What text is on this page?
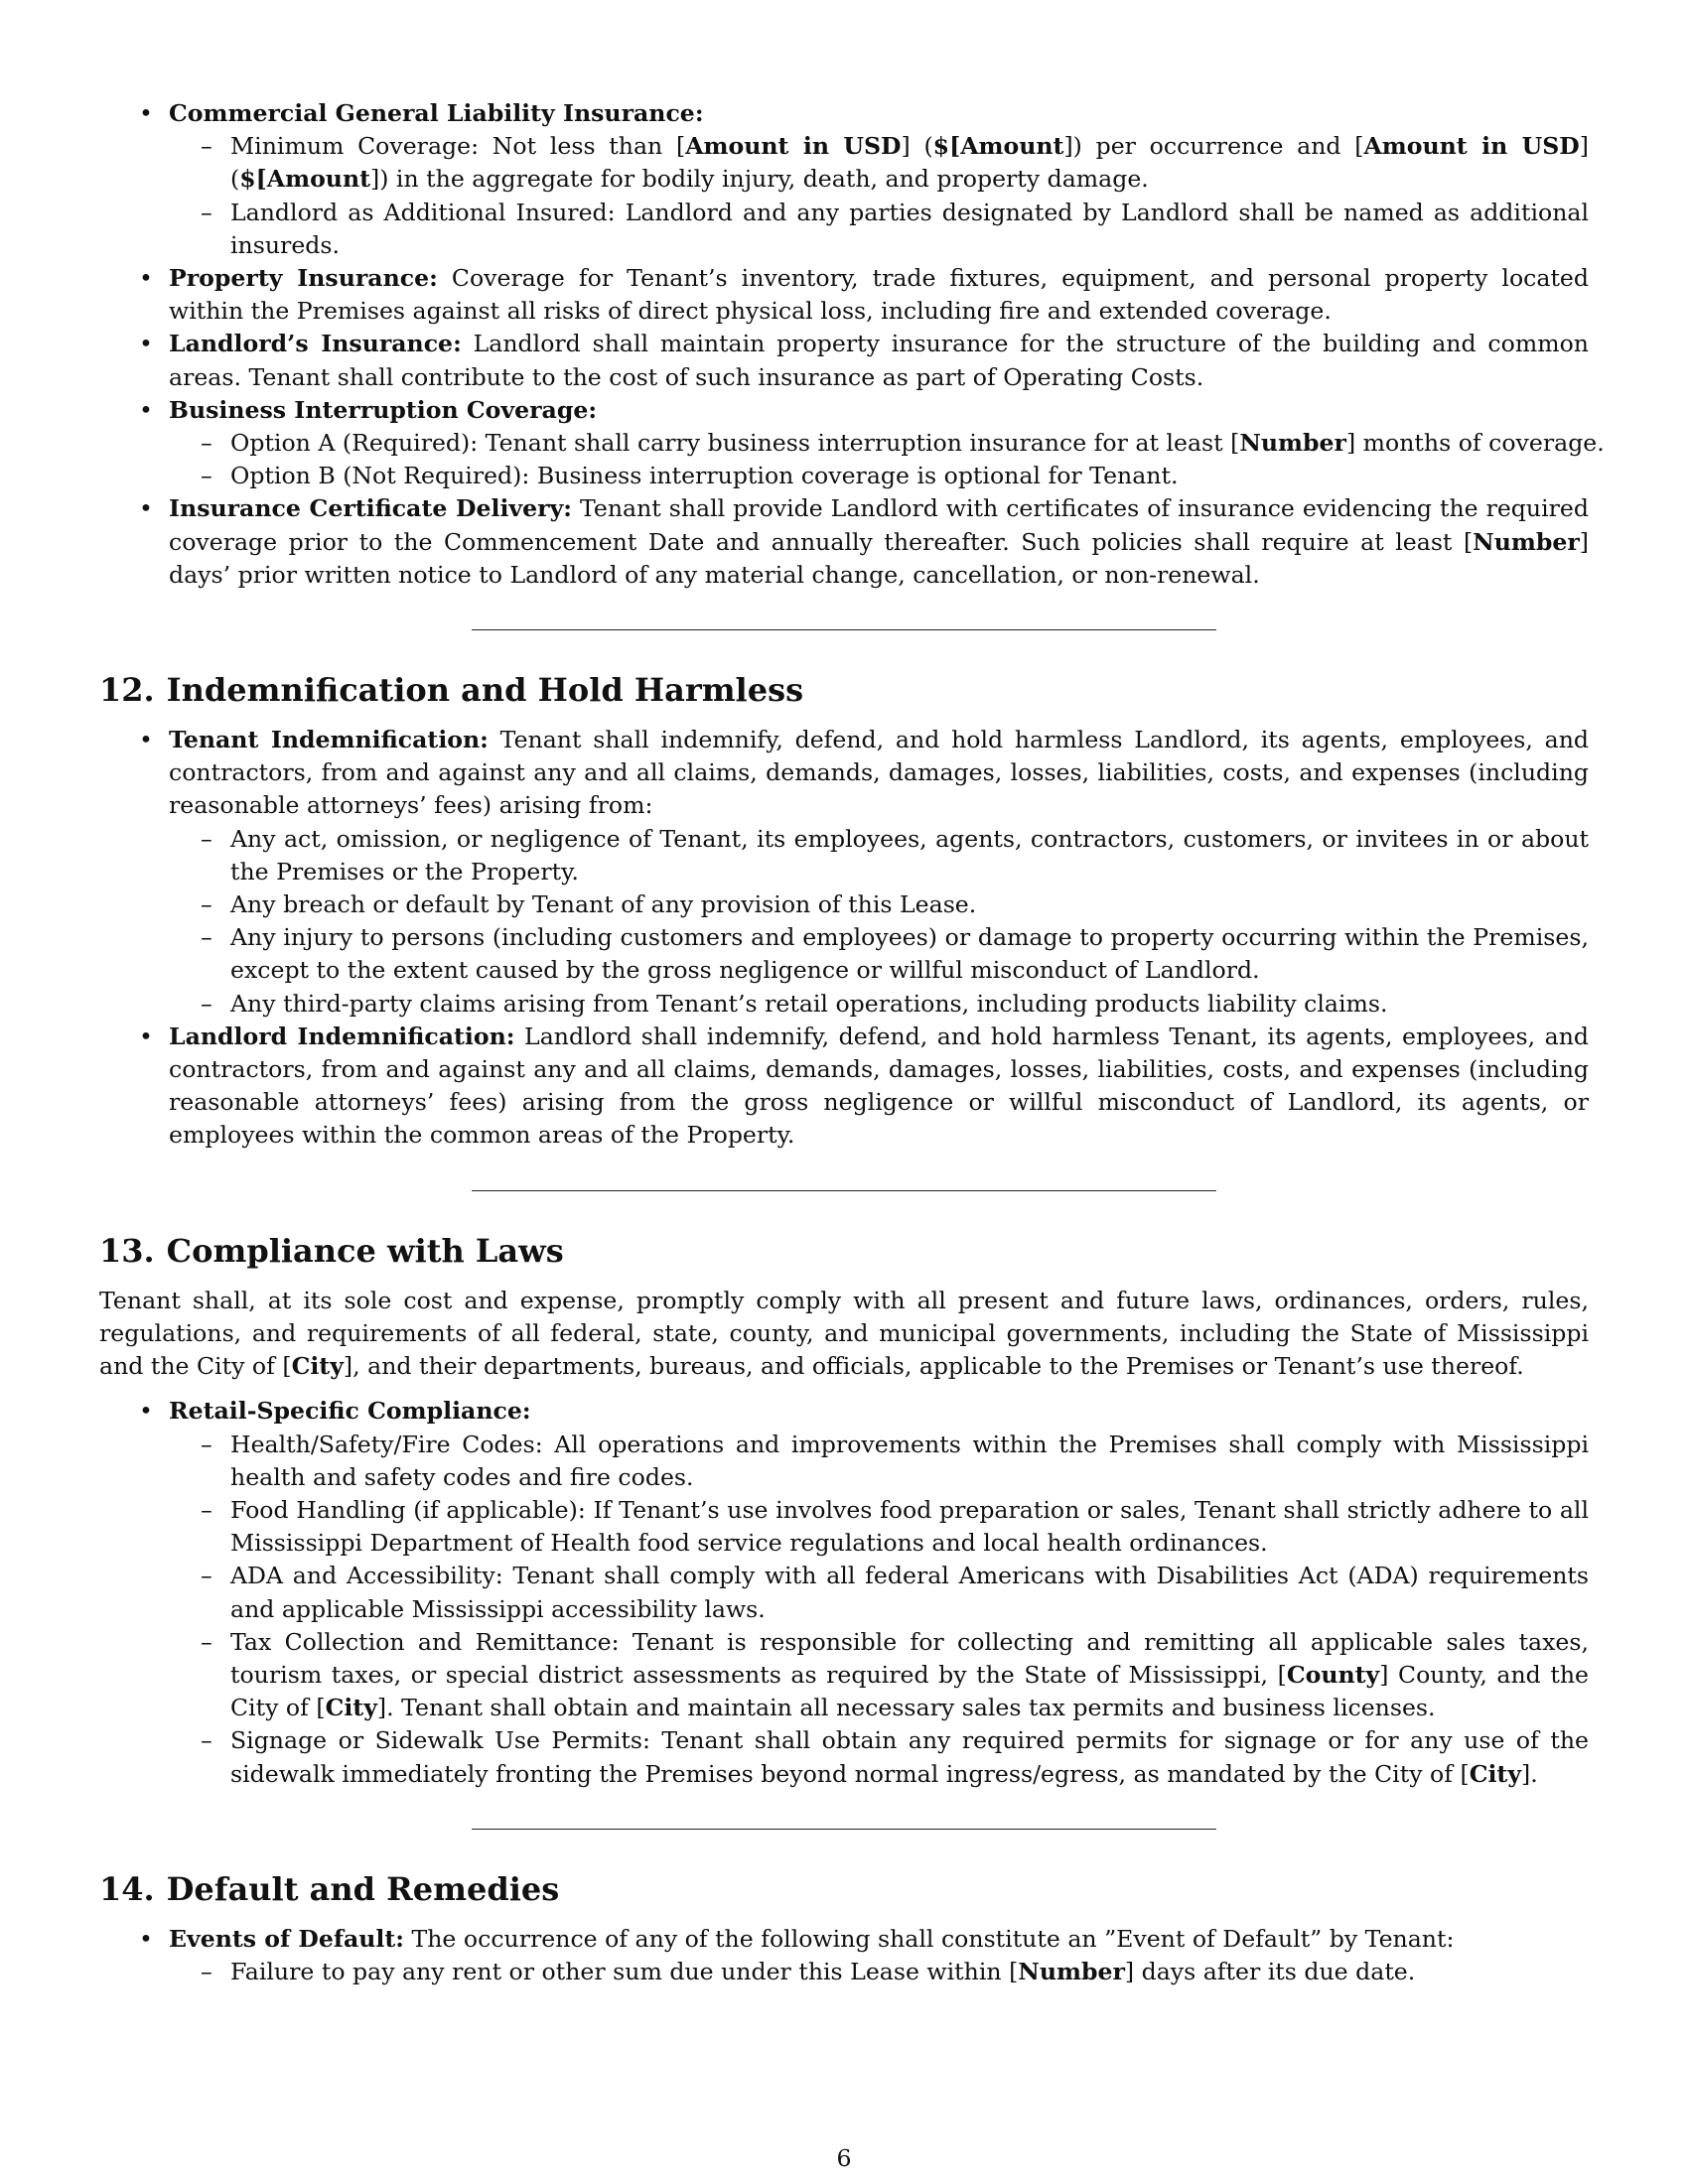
• Commercial General Liability Insurance:
– Minimum Coverage: Not less than [Amount in USD] ($[Amount]) per occurrence and [Amount in USD] ($[Amount]) in the aggregate for bodily injury, death, and property damage.
– Landlord as Additional Insured: Landlord and any parties designated by Landlord shall be named as additional insureds.
• Property Insurance: Coverage for Tenant’s inventory, trade fixtures, equipment, and personal property located within the Premises against all risks of direct physical loss, including fire and extended coverage.
• Landlord’s Insurance: Landlord shall maintain property insurance for the structure of the building and common areas. Tenant shall contribute to the cost of such insurance as part of Operating Costs.
• Business Interruption Coverage:
– Option A (Required): Tenant shall carry business interruption insurance for at least [Number] months of coverage.
– Option B (Not Required): Business interruption coverage is optional for Tenant.
• Insurance Certificate Delivery: Tenant shall provide Landlord with certificates of insurance evidencing the required coverage prior to the Commencement Date and annually thereafter. Such policies shall require at least [Number] days’ prior written notice to Landlord of any material change, cancellation, or non-renewal.
12. Indemnification and Hold Harmless
• Tenant Indemnification: Tenant shall indemnify, defend, and hold harmless Landlord, its agents, employees, and contractors, from and against any and all claims, demands, damages, losses, liabilities, costs, and expenses (including reasonable attorneys’ fees) arising from:
– Any act, omission, or negligence of Tenant, its employees, agents, contractors, customers, or invitees in or about the Premises or the Property.
– Any breach or default by Tenant of any provision of this Lease.
– Any injury to persons (including customers and employees) or damage to property occurring within the Premises, except to the extent caused by the gross negligence or willful misconduct of Landlord.
– Any third-party claims arising from Tenant’s retail operations, including products liability claims.
• Landlord Indemnification: Landlord shall indemnify, defend, and hold harmless Tenant, its agents, employees, and contractors, from and against any and all claims, demands, damages, losses, liabilities, costs, and expenses (including reasonable attorneys’ fees) arising from the gross negligence or willful misconduct of Landlord, its agents, or employees within the common areas of the Property.
13. Compliance with Laws

Tenant shall, at its sole cost and expense, promptly comply with all present and future laws, ordinances, orders, rules, regulations, and requirements of all federal, state, county, and municipal governments, including the State of Mississippi and the City of [City], and their departments, bureaus, and officials, applicable to the Premises or Tenant’s use thereof.

• Retail-Specific Compliance:
– Health/Safety/Fire Codes: All operations and improvements within the Premises shall comply with Mississippi health and safety codes and fire codes.
– Food Handling (if applicable): If Tenant’s use involves food preparation or sales, Tenant shall strictly adhere to all Mississippi Department of Health food service regulations and local health ordinances.
– ADA and Accessibility: Tenant shall comply with all federal Americans with Disabilities Act (ADA) requirements and applicable Mississippi accessibility laws.
– Tax Collection and Remittance: Tenant is responsible for collecting and remitting all applicable sales taxes, tourism taxes, or special district assessments as required by the State of Mississippi, [County] County, and the City of [City]. Tenant shall obtain and maintain all necessary sales tax permits and business licenses.
– Signage or Sidewalk Use Permits: Tenant shall obtain any required permits for signage or for any use of the sidewalk immediately fronting the Premises beyond normal ingress/egress, as mandated by the City of [City].
14. Default and Remedies
• Events of Default: The occurrence of any of the following shall constitute an ”Event of Default” by Tenant:
– Failure to pay any rent or other sum due under this Lease within [Number] days after its due date.
6
